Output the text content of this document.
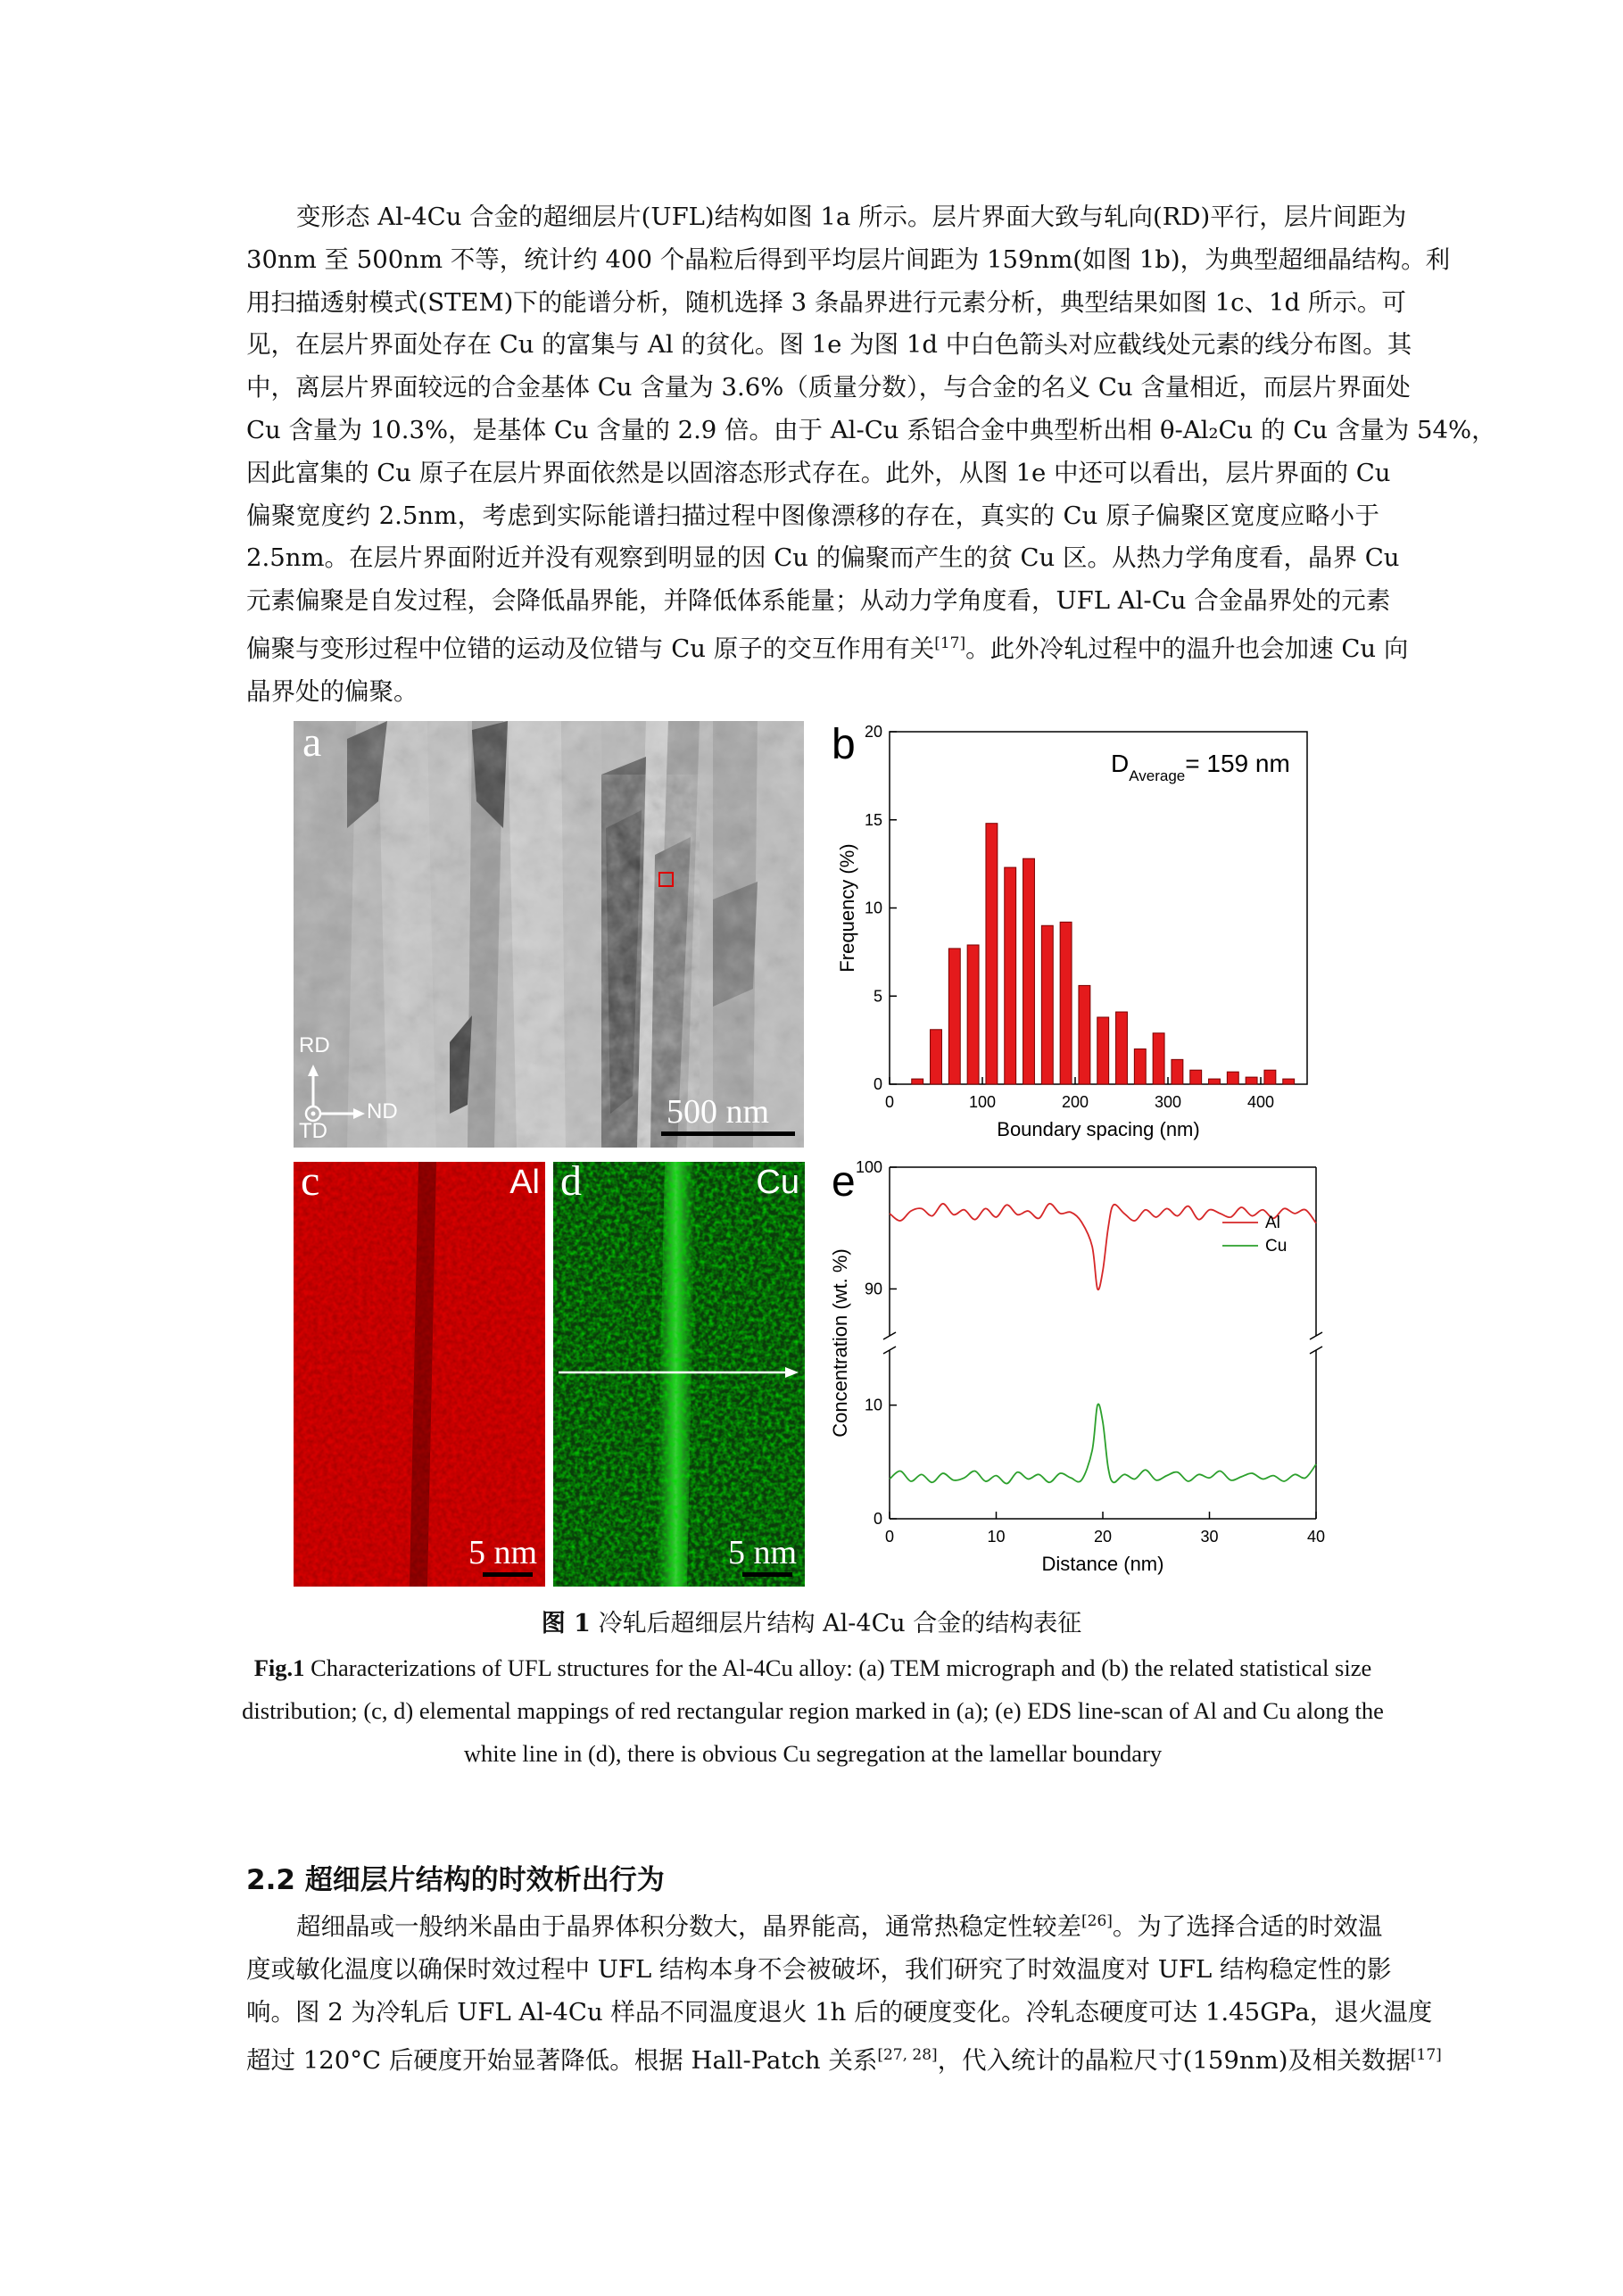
变形态 Al-4Cu 合金的超细层片(UFL)结构如图 1a 所示。层片界面大致与轧向(RD)平行，层片间距为
30nm 至 500nm 不等，统计约 400 个晶粒后得到平均层片间距为 159nm(如图 1b)，为典型超细晶结构。利
用扫描透射模式(STEM)下的能谱分析，随机选择 3 条晶界进行元素分析，典型结果如图 1c、1d 所示。可
见，在层片界面处存在 Cu 的富集与 Al 的贫化。图 1e 为图 1d 中白色箭头对应截线处元素的线分布图。其
中，离层片界面较远的合金基体 Cu 含量为 3.6%（质量分数），与合金的名义 Cu 含量相近，而层片界面处
Cu 含量为 10.3%，是基体 Cu 含量的 2.9 倍。由于 Al-Cu 系铝合金中典型析出相 θ-Al₂Cu 的 Cu 含量为 54%，
因此富集的 Cu 原子在层片界面依然是以固溶态形式存在。此外，从图 1e 中还可以看出，层片界面的 Cu
偏聚宽度约 2.5nm，考虑到实际能谱扫描过程中图像漂移的存在，真实的 Cu 原子偏聚区宽度应略小于
2.5nm。在层片界面附近并没有观察到明显的因 Cu 的偏聚而产生的贫 Cu 区。从热力学角度看，晶界 Cu
元素偏聚是自发过程，会降低晶界能，并降低体系能量；从动力学角度看，UFL Al-Cu 合金晶界处的元素
偏聚与变形过程中位错的运动及位错与 Cu 原子的交互作用有关[17]。此外冷轧过程中的温升也会加速 Cu 向
晶界处的偏聚。
a
RD
ND
TD
500 nm	0	100	200	300	400
0
5
10
15
20
Boundary spacing (nm)
Frequency (%)
$D_{Average}= 159$ nm
b
c	Al
5 nm
d	Cu
5 nm	0	10	20	30	40
90
100
0
10
Al
Cu
Distance (nm)
Concentration (wt. %)
e

图 1 冷轧后超细层片结构 Al-4Cu 合金的结构表征

Fig.1 Characterizations of UFL structures for the Al-4Cu alloy: (a) TEM micrograph and (b) the related statistical size distribution; (c, d) elemental mappings of red rectangular region marked in (a); (e) EDS line-scan of Al and Cu along the white line in (d), there is obvious Cu segregation at the lamellar boundary

2.2 超细层片结构的时效析出行为
超细晶或一般纳米晶由于晶界体积分数大，晶界能高，通常热稳定性较差[26]。为了选择合适的时效温
度或敏化温度以确保时效过程中 UFL 结构本身不会被破坏，我们研究了时效温度对 UFL 结构稳定性的影
响。图 2 为冷轧后 UFL Al-4Cu 样品不同温度退火 1h 后的硬度变化。冷轧态硬度可达 1.45GPa，退火温度
超过 120°C 后硬度开始显著降低。根据 Hall-Patch 关系[27, 28]，代入统计的晶粒尺寸(159nm)及相关数据[17]
